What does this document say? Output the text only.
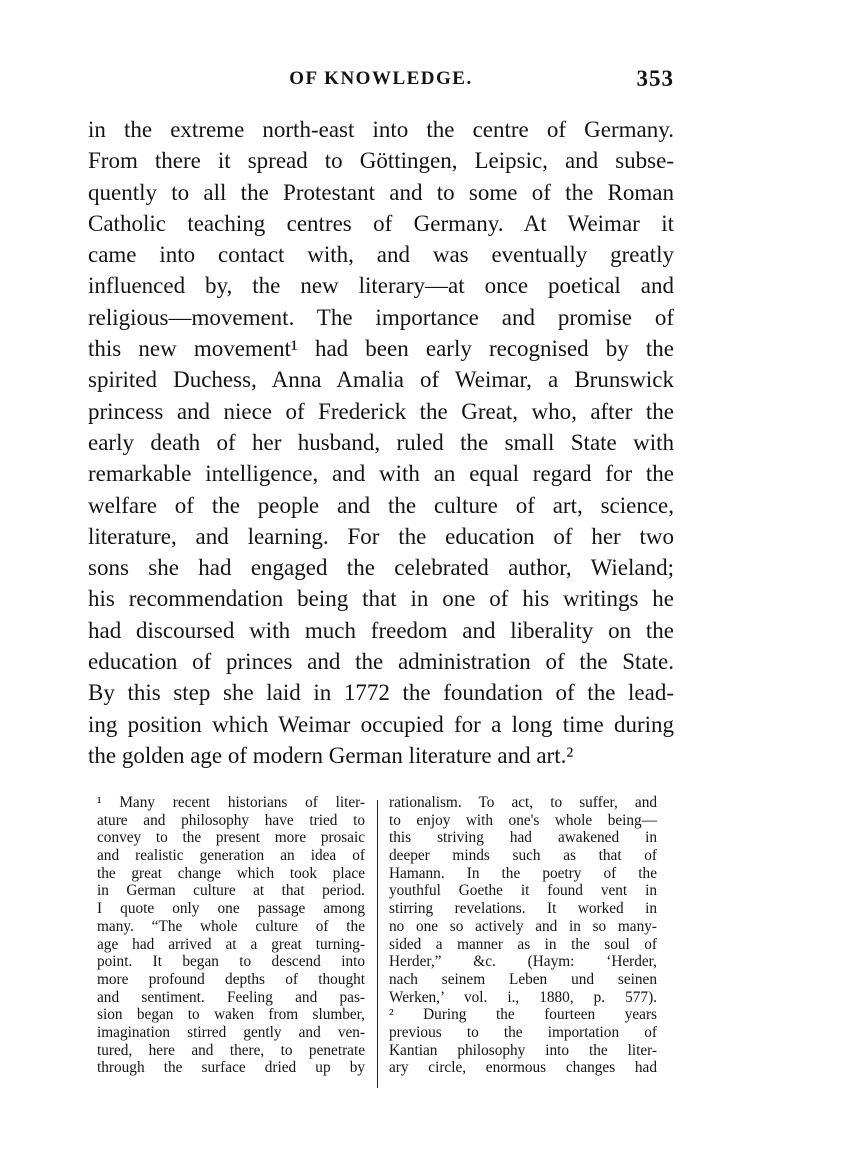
OF KNOWLEDGE.	353
in the extreme north-east into the centre of Germany.
From there it spread to Göttingen, Leipsic, and subse-
quently to all the Protestant and to some of the Roman
Catholic teaching centres of Germany. At Weimar it
came into contact with, and was eventually greatly
influenced by, the new literary—at once poetical and
religious—movement. The importance and promise of
this new movement¹ had been early recognised by the
spirited Duchess, Anna Amalia of Weimar, a Brunswick
princess and niece of Frederick the Great, who, after the
early death of her husband, ruled the small State with
remarkable intelligence, and with an equal regard for the
welfare of the people and the culture of art, science,
literature, and learning. For the education of her two
sons she had engaged the celebrated author, Wieland;
his recommendation being that in one of his writings he
had discoursed with much freedom and liberality on the
education of princes and the administration of the State.
By this step she laid in 1772 the foundation of the lead-
ing position which Weimar occupied for a long time during
the golden age of modern German literature and art.²
¹ Many recent historians of liter-
ature and philosophy have tried to
convey to the present more prosaic
and realistic generation an idea of
the great change which took place
in German culture at that period.
I quote only one passage among
many. “The whole culture of the
age had arrived at a great turning-
point. It began to descend into
more profound depths of thought
and sentiment. Feeling and pas-
sion began to waken from slumber,
imagination stirred gently and ven-
tured, here and there, to penetrate
through the surface dried up by
rationalism. To act, to suffer, and
to enjoy with one's whole being—
this striving had awakened in
deeper minds such as that of
Hamann. In the poetry of the
youthful Goethe it found vent in
stirring revelations. It worked in
no one so actively and in so many-
sided a manner as in the soul of
Herder,” &c. (Haym: ‘Herder,
nach seinem Leben und seinen
Werken,’ vol. i., 1880, p. 577).
² During the fourteen years
previous to the importation of
Kantian philosophy into the liter-
ary circle, enormous changes had
